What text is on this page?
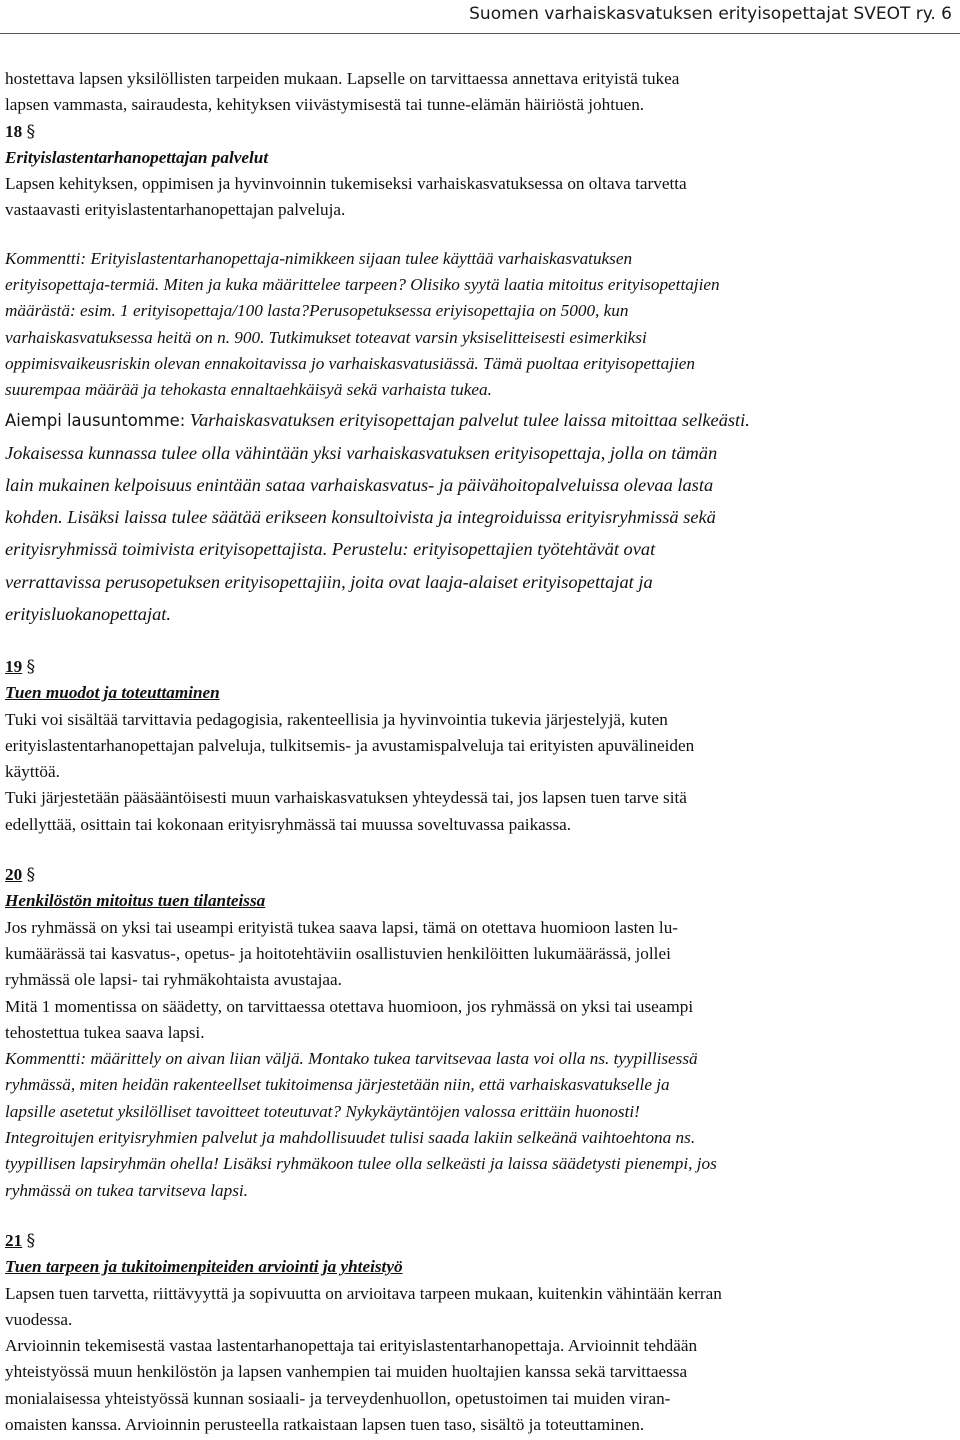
Suomen varhaiskasvatuksen erityisopettajat SVEOT ry. 6

hostettava lapsen yksilöllisten tarpeiden mukaan. Lapselle on tarvittaessa annettava erityistä tukea

lapsen vammasta, sairaudesta, kehityksen viivästymisestä tai tunne-elämän häiriöstä johtuen.

18 §

Erityislastentarhanopettajan palvelut

Lapsen kehityksen, oppimisen ja hyvinvoinnin tukemiseksi varhaiskasvatuksessa on oltava tarvetta

vastaavasti erityislastentarhanopettajan palveluja.

Kommentti: Erityislastentarhanopettaja-nimikkeen sijaan tulee käyttää varhaiskasvatuksen

erityisopettaja-termiä. Miten ja kuka määrittelee tarpeen? Olisiko syytä laatia mitoitus erityisopettajien

määrästä: esim. 1 erityisopettaja/100 lasta?Perusopetuksessa eriyisopettajia on 5000, kun

varhaiskasvatuksessa heitä on n. 900. Tutkimukset toteavat varsin yksiselitteisesti esimerkiksi

oppimisvaikeusriskin olevan ennakoitavissa jo varhaiskasvatusiässä. Tämä puoltaa erityisopettajien

suurempaa määrää ja tehokasta ennaltaehkäisyä sekä varhaista tukea.

Aiempi lausuntomme: Varhaiskasvatuksen erityisopettajan palvelut tulee laissa mitoittaa selkeästi.

Jokaisessa kunnassa tulee olla vähintään yksi varhaiskasvatuksen erityisopettaja, jolla on tämän

lain mukainen kelpoisuus enintään sataa varhaiskasvatus- ja päivähoitopalveluissa olevaa lasta

kohden. Lisäksi laissa tulee säätää erikseen konsultoivista ja integroiduissa erityisryhmissä sekä

erityisryhmissä toimivista erityisopettajista. Perustelu: erityisopettajien työtehtävät ovat

verrattavissa perusopetuksen erityisopettajiin, joita ovat laaja-alaiset erityisopettajat ja

erityisluokanopettajat.

19 §

Tuen muodot ja toteuttaminen

Tuki voi sisältää tarvittavia pedagogisia, rakenteellisia ja hyvinvointia tukevia järjestelyjä, kuten

erityislastentarhanopettajan palveluja, tulkitsemis- ja avustamispalveluja tai erityisten apuvälineiden

käyttöä.

Tuki järjestetään pääsääntöisesti muun varhaiskasvatuksen yhteydessä tai, jos lapsen tuen tarve sitä

edellyttää, osittain tai kokonaan erityisryhmässä tai muussa soveltuvassa paikassa.

20 §

Henkilöstön mitoitus tuen tilanteissa

Jos ryhmässä on yksi tai useampi erityistä tukea saava lapsi, tämä on otettava huomioon lasten lu-

kumäärässä tai kasvatus-, opetus- ja hoitotehtäviin osallistuvien henkilöitten lukumäärässä, jollei

ryhmässä ole lapsi- tai ryhmäkohtaista avustajaa.

Mitä 1 momentissa on säädetty, on tarvittaessa otettava huomioon, jos ryhmässä on yksi tai useampi

tehostettua tukea saava lapsi.

Kommentti: määrittely on aivan liian väljä. Montako tukea tarvitsevaa lasta voi olla ns. tyypillisessä

ryhmässä, miten heidän rakenteellset tukitoimensa järjestetään niin, että varhaiskasvatukselle ja

lapsille asetetut yksilölliset tavoitteet toteutuvat? Nykykäytäntöjen valossa erittäin huonosti!

Integroitujen erityisryhmien palvelut ja mahdollisuudet tulisi saada lakiin selkeänä vaihtoehtona ns.

tyypillisen lapsiryhmän ohella! Lisäksi ryhmäkoon tulee olla selkeästi ja laissa säädetysti pienempi, jos

ryhmässä on tukea tarvitseva lapsi.

21 §

Tuen tarpeen ja tukitoimenpiteiden arviointi ja yhteistyö

Lapsen tuen tarvetta, riittävyyttä ja sopivuutta on arvioitava tarpeen mukaan, kuitenkin vähintään kerran

vuodessa.

Arvioinnin tekemisestä vastaa lastentarhanopettaja tai erityislastentarhanopettaja. Arvioinnit tehdään

yhteistyössä muun henkilöstön ja lapsen vanhempien tai muiden huoltajien kanssa sekä tarvittaessa

monialaisessa yhteistyössä kunnan sosiaali- ja terveydenhuollon, opetustoimen tai muiden viran-

omaisten kanssa. Arvioinnin perusteella ratkaistaan lapsen tuen taso, sisältö ja toteuttaminen.
